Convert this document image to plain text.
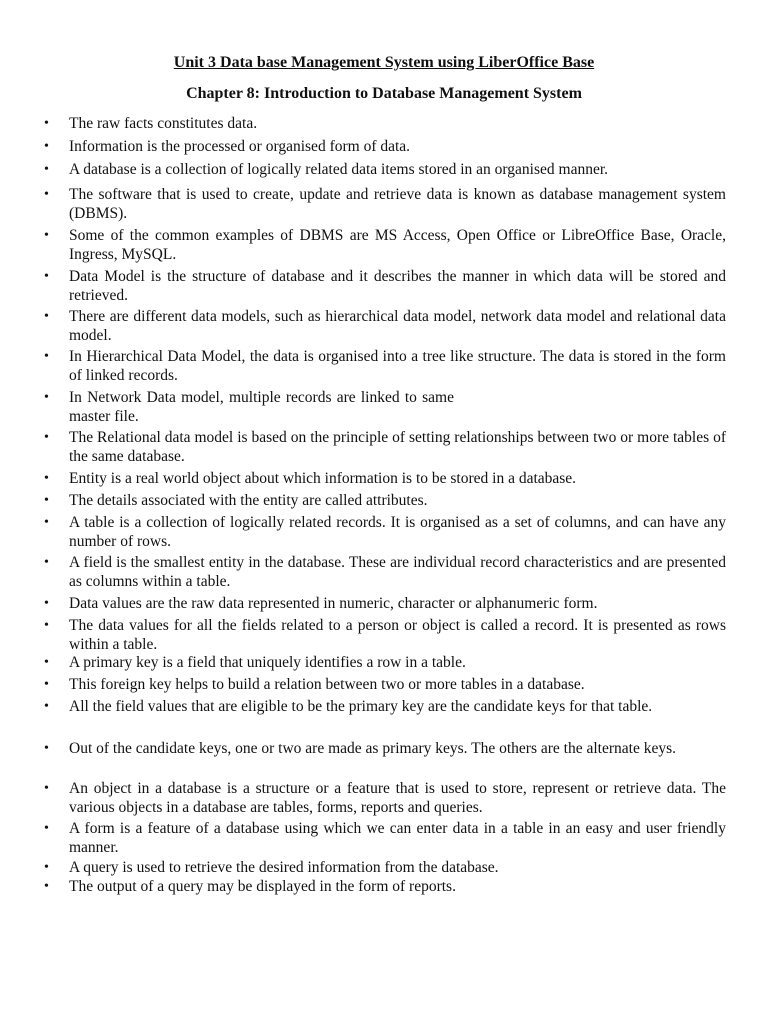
Unit 3 Data base Management System using LiberOffice Base
Chapter 8: Introduction to Database Management System
•	The raw facts constitutes data.
•	Information is the processed or organised form of data.
•	A database is a collection of logically related data items stored in an organised manner.
•	The software that is used to create, update and retrieve data is known as database management system (DBMS).
•	Some of the common examples of DBMS are MS Access, Open Office or LibreOffice Base, Oracle, Ingress, MySQL.
•	Data Model is the structure of database and it describes the manner in which data will be stored and retrieved.
•	There are different data models, such as hierarchical data model, network data model and relational data model.
•	In Hierarchical Data Model, the data is organised into a tree like structure. The data is stored in the form of linked records.
•	In Network Data model, multiple records are linked to same master file.
•	The Relational data model is based on the principle of setting relationships between two or more tables of the same database.
•	Entity is a real world object about which information is to be stored in a database.
•	The details associated with the entity are called attributes.
•	A table is a collection of logically related records. It is organised as a set of columns, and can have any number of rows.
•	A field is the smallest entity in the database. These are individual record characteristics and are presented as columns within a table.
•	Data values are the raw data represented in numeric, character or alphanumeric form.
•	The data values for all the fields related to a person or object is called a record. It is presented as rows within a table.
•	A primary key is a field that uniquely identifies a row in a table.
•	This foreign key helps to build a relation between two or more tables in a database.
•	All the field values that are eligible to be the primary key are the candidate keys for that table.
•	Out of the candidate keys, one or two are made as primary keys. The others are the alternate keys.
•	An object in a database is a structure or a feature that is used to store, represent or retrieve data. The various objects in a database are tables, forms, reports and queries.
•	A form is a feature of a database using which we can enter data in a table in an easy and user friendly manner.
•	A query is used to retrieve the desired information from the database.
•	The output of a query may be displayed in the form of reports.
